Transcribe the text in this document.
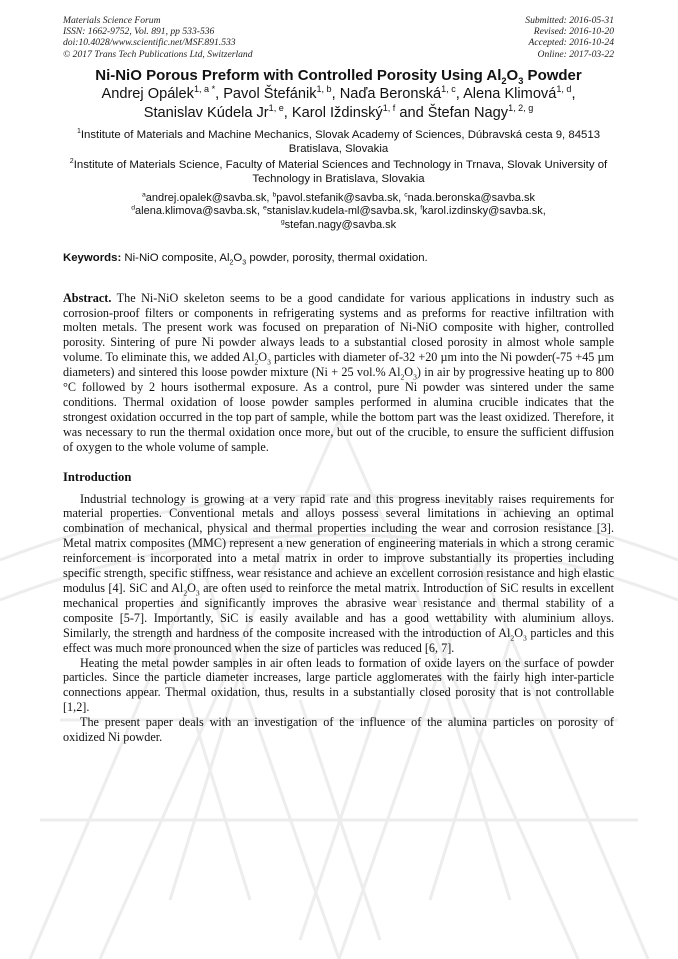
Materials Science Forum
ISSN: 1662-9752, Vol. 891, pp 533-536
doi:10.4028/www.scientific.net/MSF.891.533
© 2017 Trans Tech Publications Ltd, Switzerland
Submitted: 2016-05-31
Revised: 2016-10-20
Accepted: 2016-10-24
Online: 2017-03-22
Ni-NiO Porous Preform with Controlled Porosity Using $Al_2O_3$ Powder
Andrej Opálek$^{1, a *}$, Pavol Štefánik$^{1, b}$, Naďa Beronská$^{1, c}$, Alena Klimová$^{1, d}$,
Stanislav Kúdela Jr$^{1, e}$, Karol Iždinský$^{1, f}$ and Štefan Nagy$^{1, 2, g}$
$^1$Institute of Materials and Machine Mechanics, Slovak Academy of Sciences, Dúbravská cesta 9, 84513 Bratislava, Slovakia
$^2$Institute of Materials Science, Faculty of Material Sciences and Technology in Trnava, Slovak University of Technology in Bratislava, Slovakia
$^a$andrej.opalek@savba.sk, $^b$pavol.stefanik@savba.sk, $^c$nada.beronska@savba.sk
$^d$alena.klimova@savba.sk, $^e$stanislav.kudela-ml@savba.sk, $^f$karol.izdinsky@savba.sk,
$^g$stefan.nagy@savba.sk
Keywords: Ni-NiO composite, $Al_2O_3$ powder, porosity, thermal oxidation.
Abstract. The Ni-NiO skeleton seems to be a good candidate for various applications in industry such as corrosion-proof filters or components in refrigerating systems and as preforms for reactive infiltration with molten metals. The present work was focused on preparation of Ni-NiO composite with higher, controlled porosity. Sintering of pure Ni powder always leads to a substantial closed porosity in almost whole sample volume. To eliminate this, we added $Al_2O_3$ particles with diameter of-32 +20 µm into the Ni powder(-75 +45 µm diameters) and sintered this loose powder mixture (Ni + 25 vol.% $Al_2O_3$) in air by progressive heating up to 800 °C followed by 2 hours isothermal exposure. As a control, pure Ni powder was sintered under the same conditions. Thermal oxidation of loose powder samples performed in alumina crucible indicates that the strongest oxidation occurred in the top part of sample, while the bottom part was the least oxidized. Therefore, it was necessary to run the thermal oxidation once more, but out of the crucible, to ensure the sufficient diffusion of oxygen to the whole volume of sample.
Introduction
Industrial technology is growing at a very rapid rate and this progress inevitably raises requirements for material properties. Conventional metals and alloys possess several limitations in achieving an optimal combination of mechanical, physical and thermal properties including the wear and corrosion resistance [3]. Metal matrix composites (MMC) represent a new generation of engineering materials in which a strong ceramic reinforcement is incorporated into a metal matrix in order to improve substantially its properties including specific strength, specific stiffness, wear resistance and achieve an excellent corrosion resistance and high elastic modulus [4]. SiC and $Al_2O_3$ are often used to reinforce the metal matrix. Introduction of SiC results in excellent mechanical properties and significantly improves the abrasive wear resistance and thermal stability of a composite [5-7]. Importantly, SiC is easily available and has a good wettability with aluminium alloys. Similarly, the strength and hardness of the composite increased with the introduction of $Al_2O_3$ particles and this effect was much more pronounced when the size of particles was reduced [6, 7].
Heating the metal powder samples in air often leads to formation of oxide layers on the surface of powder particles. Since the particle diameter increases, large particle agglomerates with the fairly high inter-particle connections appear. Thermal oxidation, thus, results in a substantially closed porosity that is not controllable [1,2].
The present paper deals with an investigation of the influence of the alumina particles on porosity of oxidized Ni powder.
